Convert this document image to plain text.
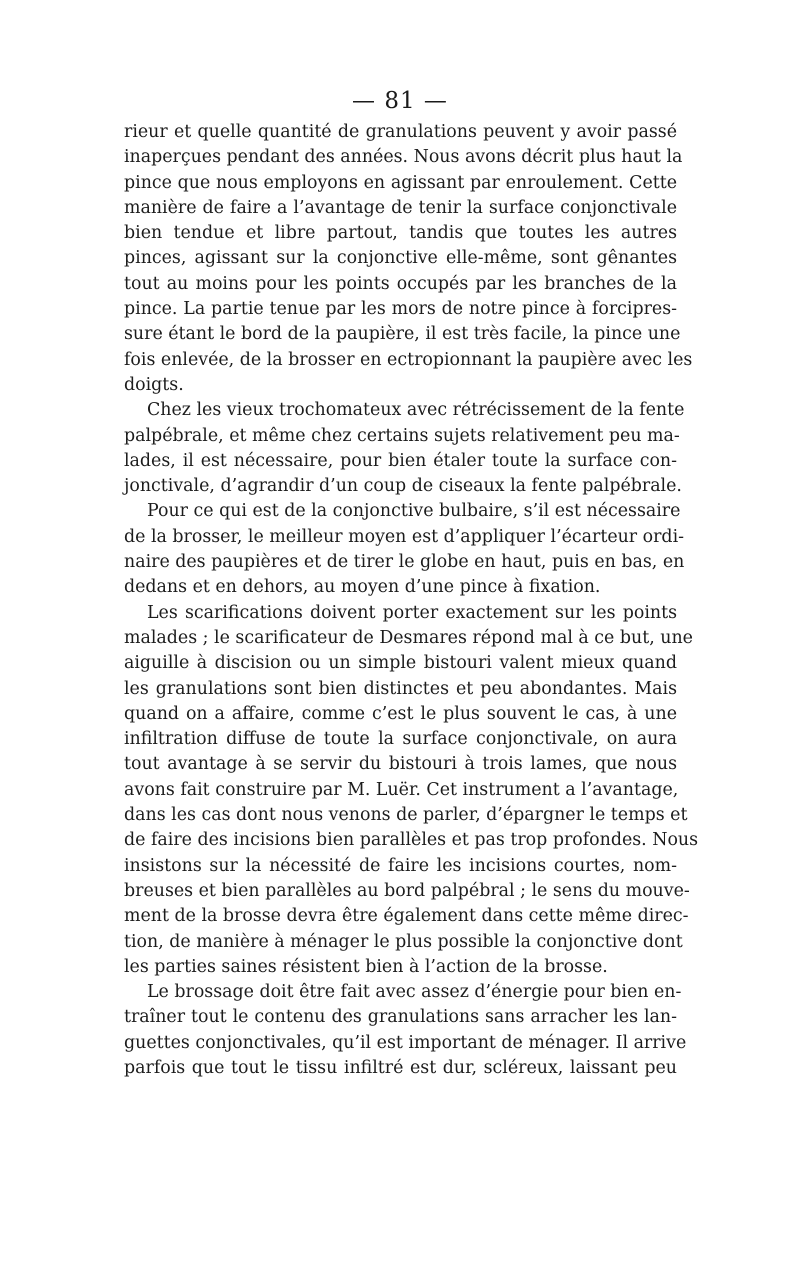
— 81 —
rieur et quelle quantité de granulations peuvent y avoir passé
inaperçues pendant des années. Nous avons décrit plus haut la
pince que nous employons en agissant par enroulement. Cette
manière de faire a l’avantage de tenir la surface conjonctivale
bien tendue et libre partout, tandis que toutes les autres
pinces, agissant sur la conjonctive elle-même, sont gênantes
tout au moins pour les points occupés par les branches de la
pince. La partie tenue par les mors de notre pince à forcipres-
sure étant le bord de la paupière, il est très facile, la pince une
fois enlevée, de la brosser en ectropionnant la paupière avec les
doigts.
Chez les vieux trochomateux avec rétrécissement de la fente
palpébrale, et même chez certains sujets relativement peu ma-
lades, il est nécessaire, pour bien étaler toute la surface con-
jonctivale, d’agrandir d’un coup de ciseaux la fente palpébrale.
Pour ce qui est de la conjonctive bulbaire, s’il est nécessaire
de la brosser, le meilleur moyen est d’appliquer l’écarteur ordi-
naire des paupières et de tirer le globe en haut, puis en bas, en
dedans et en dehors, au moyen d’une pince à fixation.
Les scarifications doivent porter exactement sur les points
malades ; le scarificateur de Desmares répond mal à ce but, une
aiguille à discision ou un simple bistouri valent mieux quand
les granulations sont bien distinctes et peu abondantes. Mais
quand on a affaire, comme c’est le plus souvent le cas, à une
infiltration diffuse de toute la surface conjonctivale, on aura
tout avantage à se servir du bistouri à trois lames, que nous
avons fait construire par M. Luër. Cet instrument a l’avantage,
dans les cas dont nous venons de parler, d’épargner le temps et
de faire des incisions bien parallèles et pas trop profondes. Nous
insistons sur la nécessité de faire les incisions courtes, nom-
breuses et bien parallèles au bord palpébral ; le sens du mouve-
ment de la brosse devra être également dans cette même direc-
tion, de manière à ménager le plus possible la conjonctive dont
les parties saines résistent bien à l’action de la brosse.
Le brossage doit être fait avec assez d’énergie pour bien en-
traîner tout le contenu des granulations sans arracher les lan-
guettes conjonctivales, qu’il est important de ménager. Il arrive
parfois que tout le tissu infiltré est dur, scléreux, laissant peu
